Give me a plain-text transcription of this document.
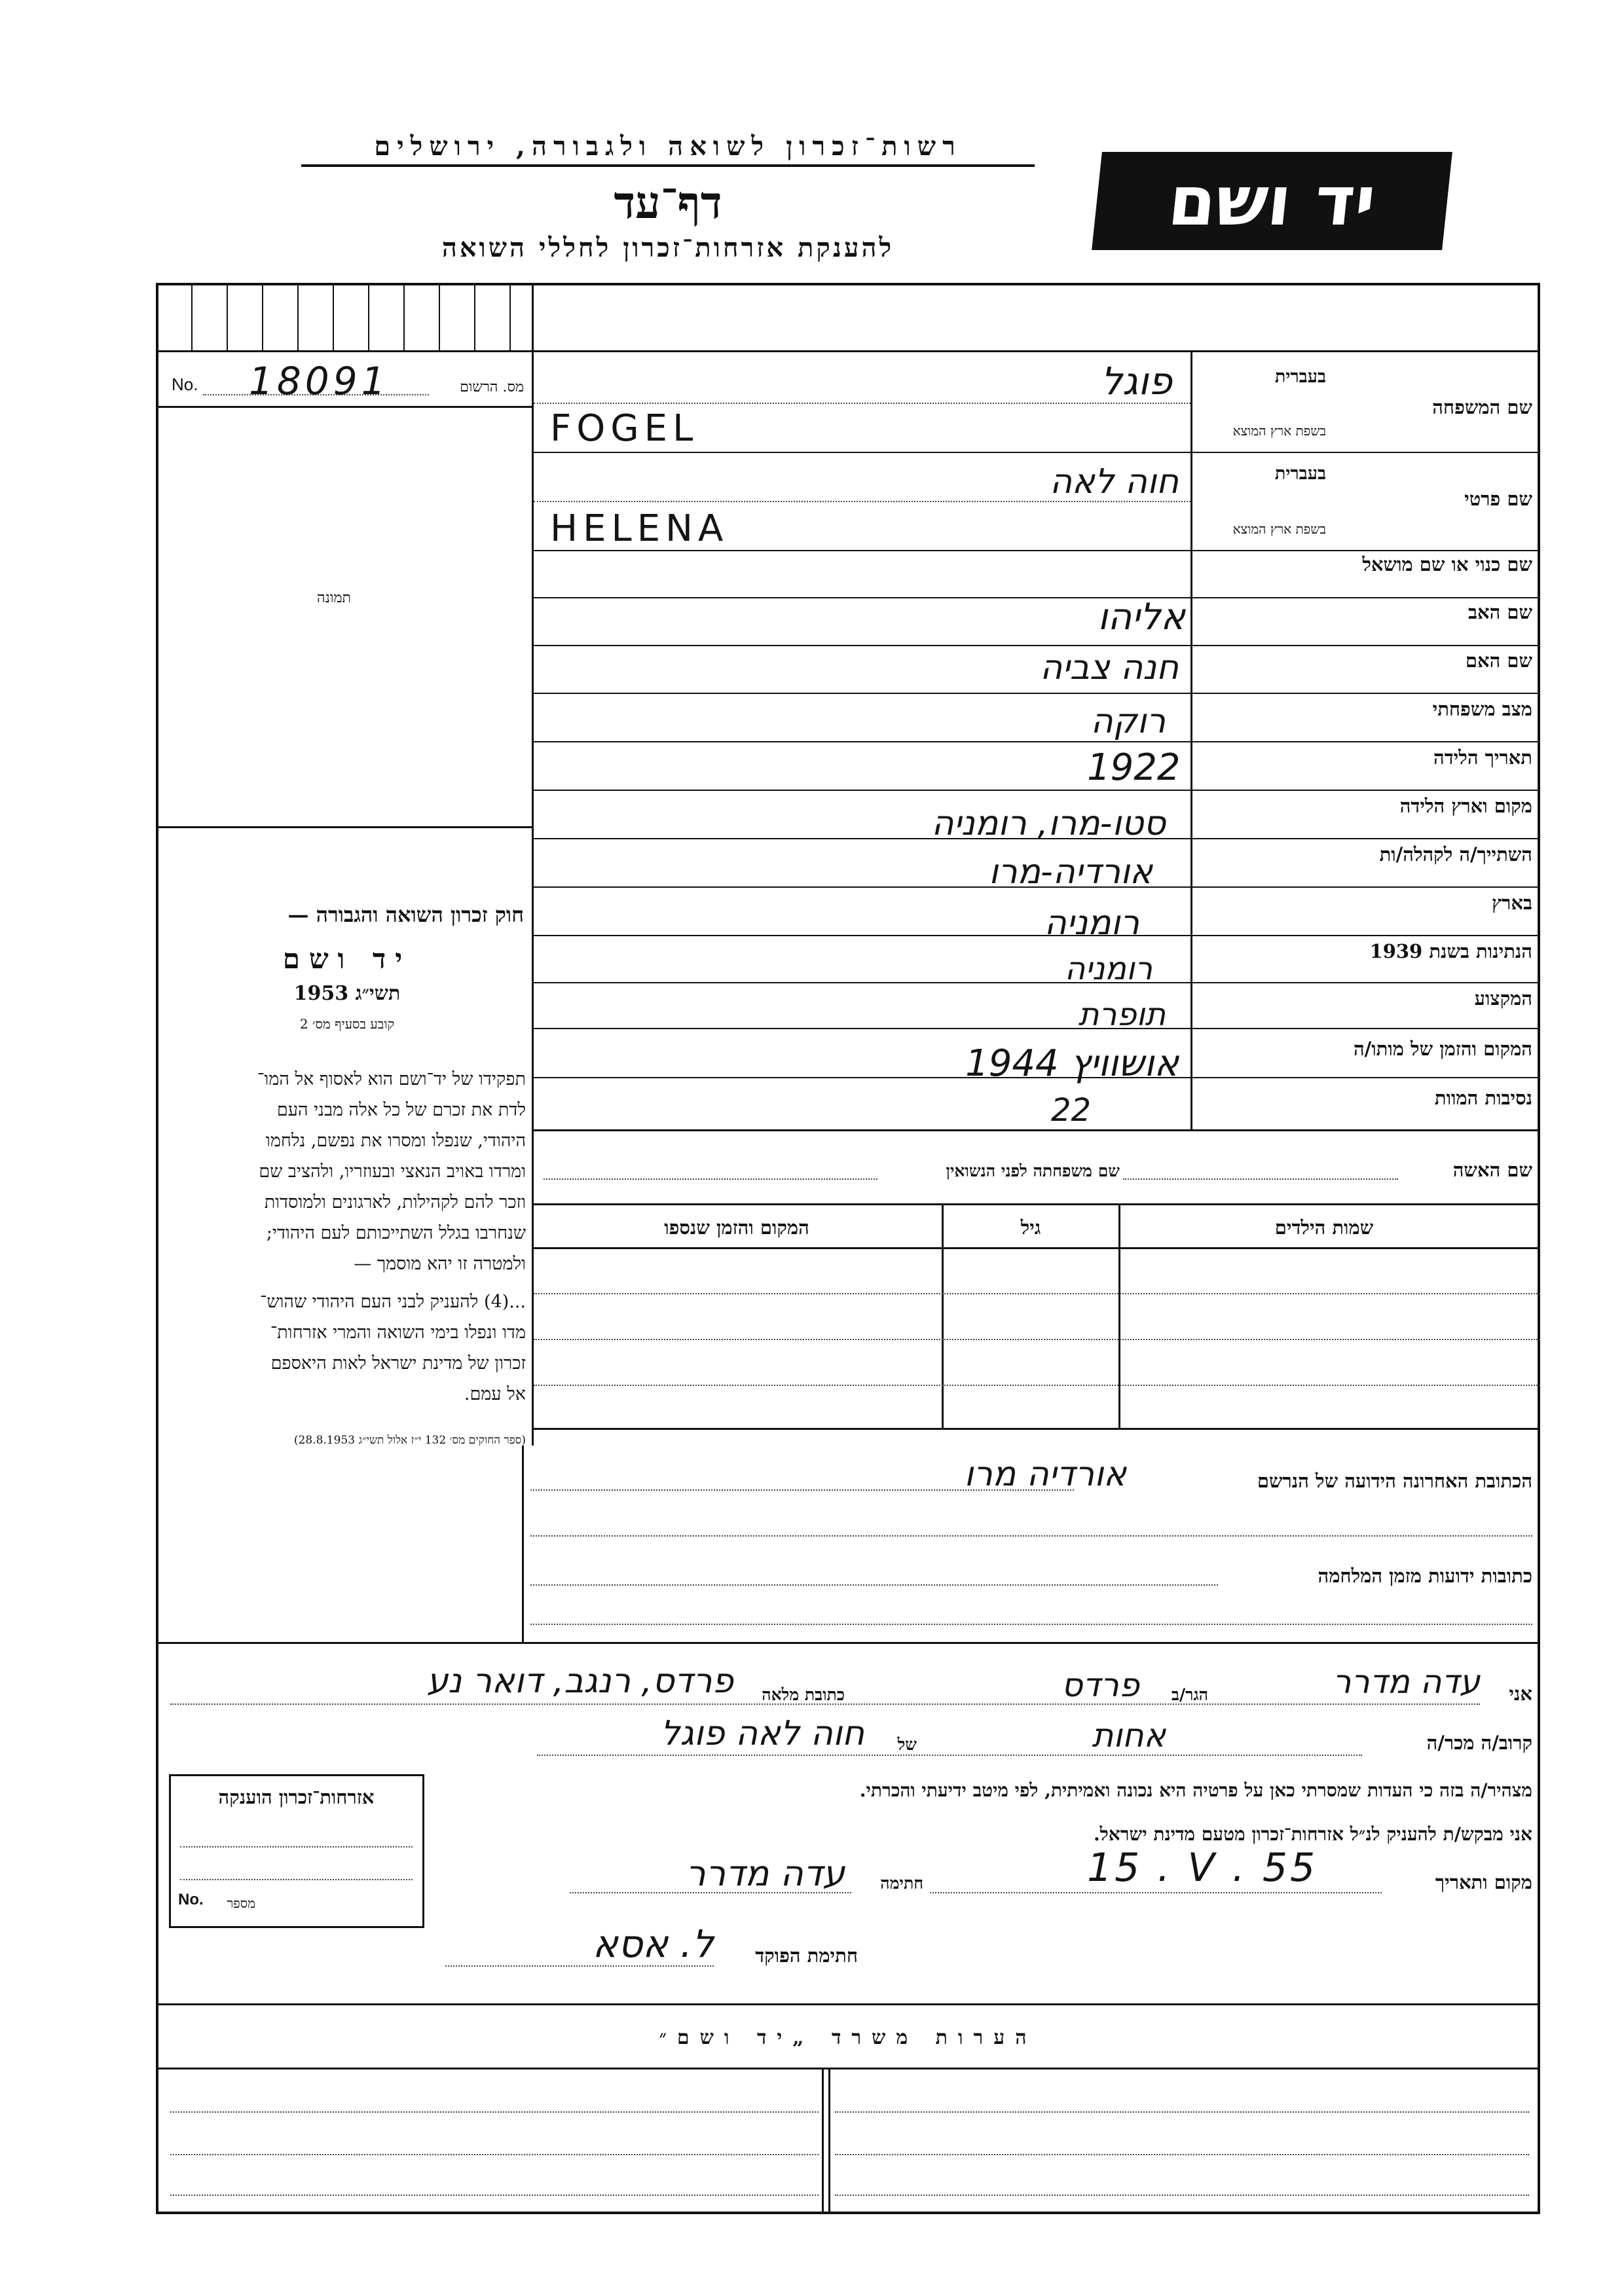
רשות־זכרון לשואה ולגבורה, ירושלים
דף־עד
להענקת אזרחות־זכרון לחללי השואה
יד ושם
No. 18091	מס. הרשום
תמונה
שם המשפחה
בעברית
בשפת ארץ המוצא
שם פרטי
בעברית
בשפת ארץ המוצא
שם כנוי או שם מושאל
שם האב
שם האם
מצב משפחתי
תאריך הלידה
מקום וארץ הלידה
השתייך/ה לקהלה/ות
בארץ
הנתינות בשנת 1939
המקצוע
המקום והזמן של מותו/ה
נסיבות המוות
פוגל
FOGEL
חוה לאה
HELENA
אליהו
חנה צביה
רוקה
1922
סטו-מרו, רומניה
אורדיה-מרו
רומניה
רומניה
תופרת
אושוויץ 1944
22
שם האשה
שם משפחתה לפני הנשואין
שמות הילדים
גיל
המקום והזמן שנספו
חוק זכרון השואה והגבורה —
יד ושם
תשי״ג 1953
קובע בסעיף מס׳ 2
תפקידו של יד־ושם הוא לאסוף אל המו־
לדת את זכרם של כל אלה מבני העם
היהודי, שנפלו ומסרו את נפשם, נלחמו
ומרדו באויב הנאצי ובעוזריו, ולהציב שם
וזכר להם לקהילות, לארגונים ולמוסדות
שנחרבו בגלל השתייכותם לעם היהודי;
ולמטרה זו יהא מוסמך —
...(4) להעניק לבני העם היהודי שהוש־
מדו ונפלו בימי השואה והמרי אזרחות־
זכרון של מדינת ישראל לאות היאספם
אל עמם.
(ספר החוקים מס׳ 132 י״ז אלול תשי״ג 28.8.1953)
הכתובת האחרונה הידועה של הנרשם
אורדיה מרו
כתובות ידועות מזמן המלחמה
אני
עדה מדרר
הגר/ב
פרדס
כתובת מלאה
פרדס, רנגב, דואר נע
קרוב/ה מכר/ה
אחות
של
חוה לאה פוגל
מצהיר/ה בזה כי העדות שמסרתי כאן על פרטיה היא נכונה ואמיתית, לפי מיטב ידיעתי והכרתי.
אני מבקש/ת להעניק לנ״ל אזרחות־זכרון מטעם מדינת ישראל.
מקום ותאריך
15 . V . 55
חתימה
עדה מדרר
אזרחות־זכרון הוענקה
No.	מספר
חתימת הפוקד
ל. אסא
הערות משרד „יד ושם״
